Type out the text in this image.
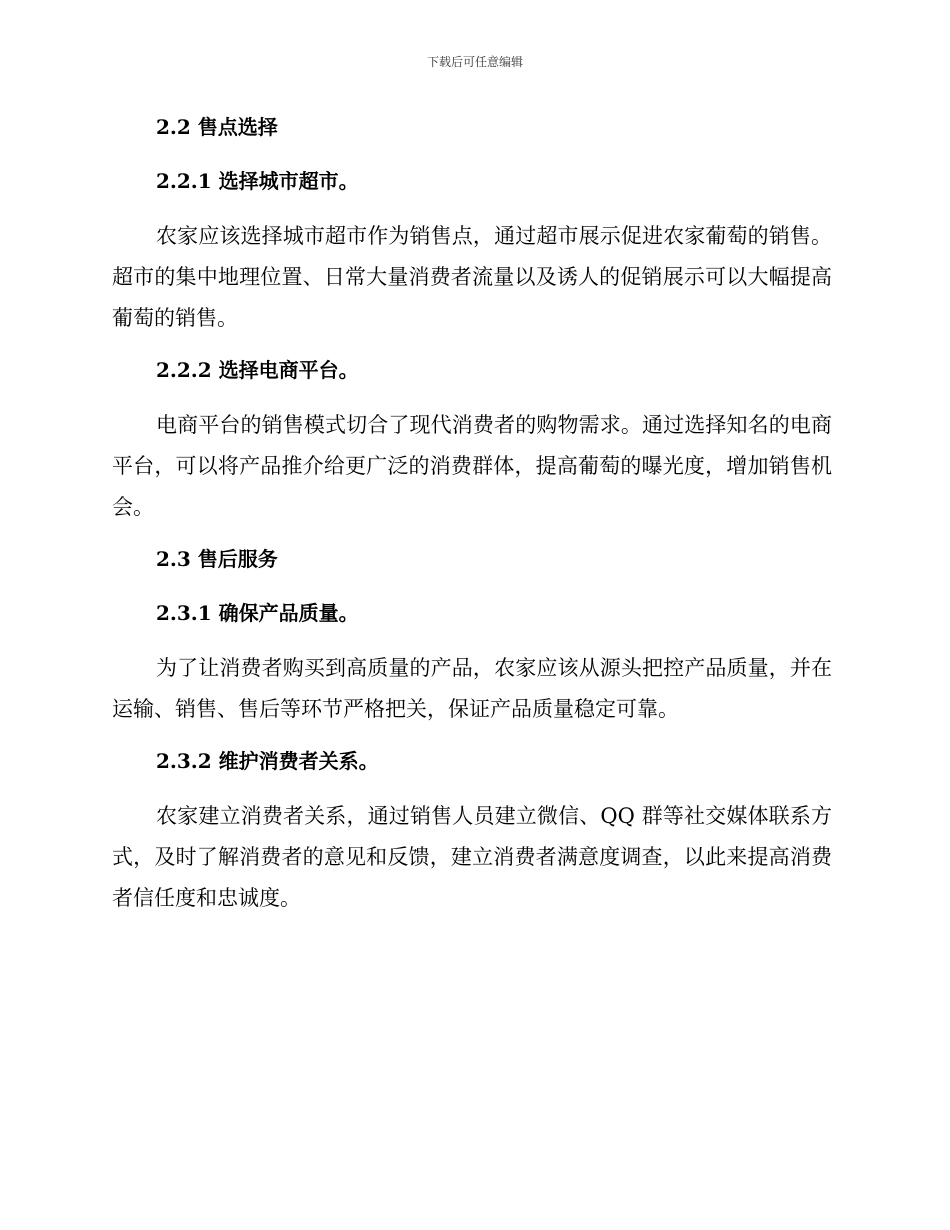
下载后可任意编辑
2.2 售点选择
2.2.1 选择城市超市。
农家应该选择城市超市作为销售点，通过超市展示促进农家葡萄的销售。超市的集中地理位置、日常大量消费者流量以及诱人的促销展示可以大幅提高葡萄的销售。
2.2.2 选择电商平台。
电商平台的销售模式切合了现代消费者的购物需求。通过选择知名的电商平台，可以将产品推介给更广泛的消费群体，提高葡萄的曝光度，增加销售机会。
2.3 售后服务
2.3.1 确保产品质量。
为了让消费者购买到高质量的产品，农家应该从源头把控产品质量，并在运输、销售、售后等环节严格把关，保证产品质量稳定可靠。
2.3.2 维护消费者关系。
农家建立消费者关系，通过销售人员建立微信、QQ 群等社交媒体联系方式，及时了解消费者的意见和反馈，建立消费者满意度调查，以此来提高消费者信任度和忠诚度。
